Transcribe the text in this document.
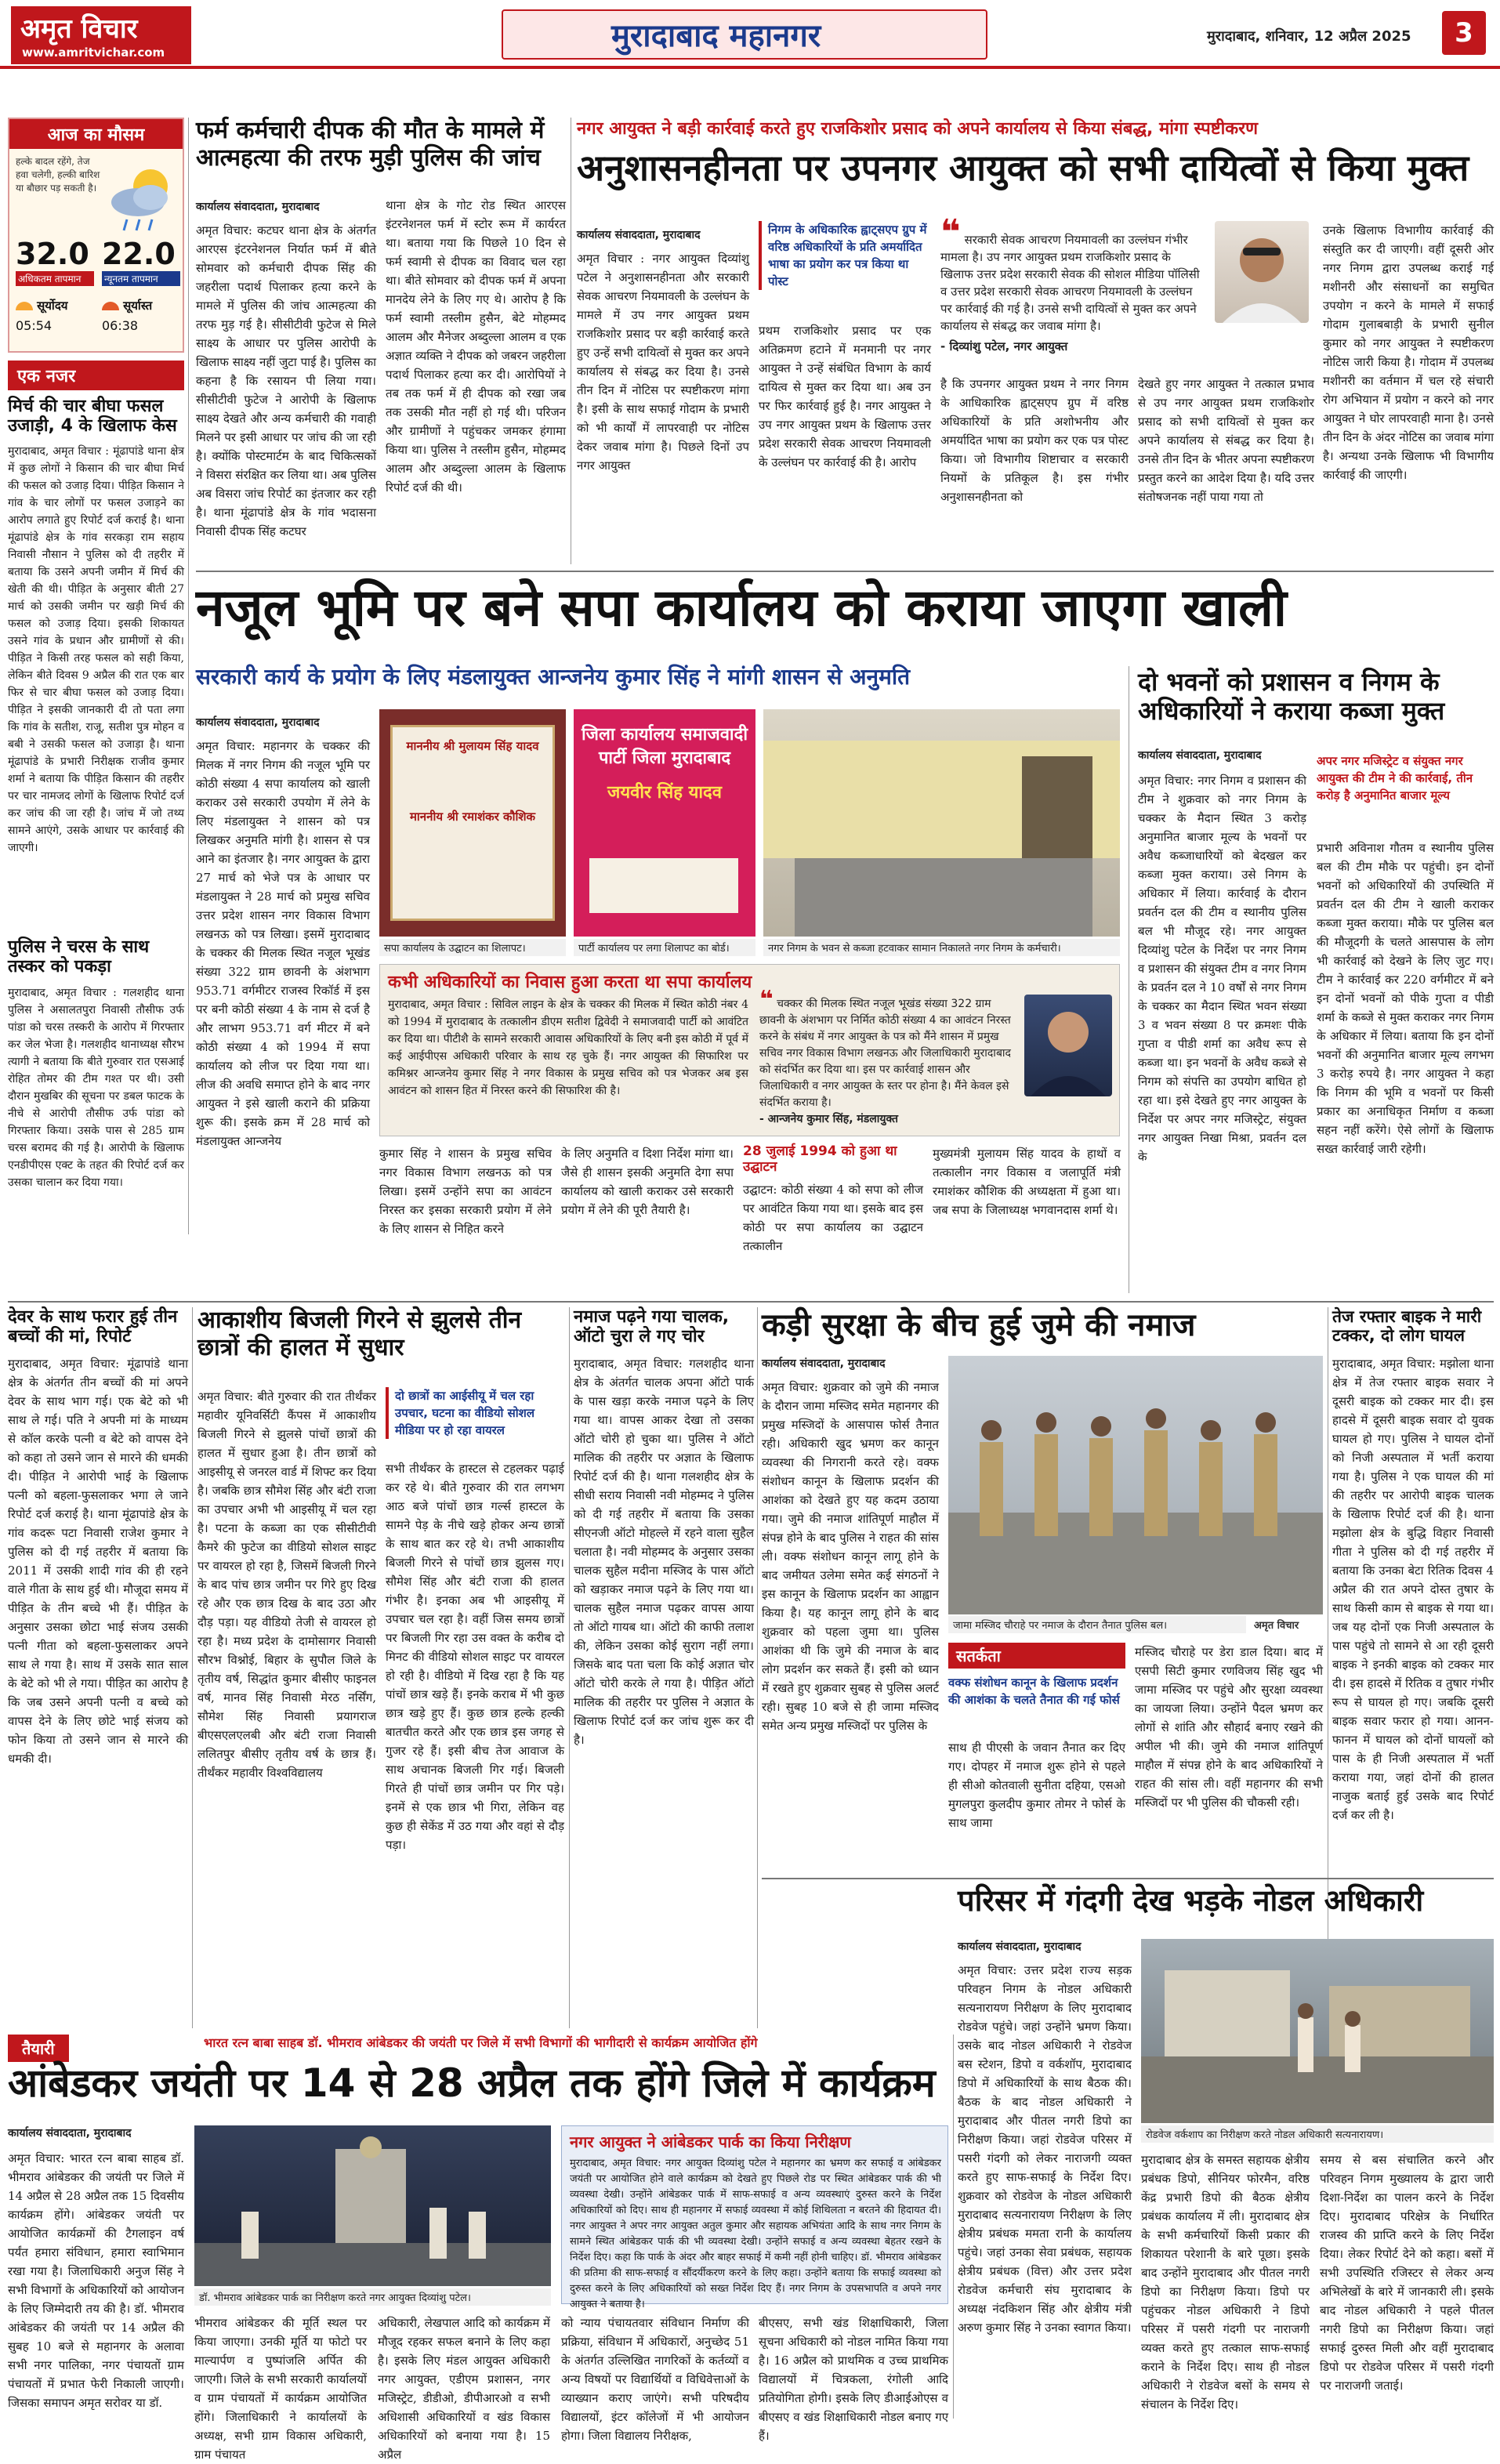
अमृत विचार
www.amritvichar.com	मुरादाबाद महानगर	मुरादाबाद, शनिवार, 12 अप्रैल 2025	3
आज का मौसम
हल्के बादल रहेंगे, तेज हवा चलेगी, हल्की बारिश या बौछार पड़ सकती है।
32.0
अधिकतम तापमान
22.0
न्यूनतम तापमान
सूर्योदय
05:54
सूर्यास्त
06:38
एक नजर
मिर्च की चार बीघा फसल उजाड़ी, 4 के खिलाफ केस
मुरादाबाद, अमृत विचार : मूंढापांडे थाना क्षेत्र में कुछ लोगों ने किसान की चार बीघा मिर्च की फसल को उजाड़ दिया। पीड़ित किसान ने गांव के चार लोगों पर फसल उजाड़ने का आरोप लगाते हुए रिपोर्ट दर्ज कराई है। थाना मूंढापांडे क्षेत्र के गांव सरकड़ा राम सहाय निवासी नौसान ने पुलिस को दी तहरीर में बताया कि उसने अपनी जमीन में मिर्च की खेती की थी। पीड़ित के अनुसार बीती 27 मार्च को उसकी जमीन पर खड़ी मिर्च की फसल को उजाड़ दिया। इसकी शिकायत उसने गांव के प्रधान और ग्रामीणों से की। पीड़ित ने किसी तरह फसल को सही किया, लेकिन बीते दिवस 9 अप्रैल की रात एक बार फिर से चार बीघा फसल को उजाड़ दिया। पीड़ित ने इसकी जानकारी दी तो पता लगा कि गांव के सतीश, राजू, सतीश पुत्र मोहन व बबी ने उसकी फसल को उजाड़ा है। थाना मूंढापांडे के प्रभारी निरीक्षक राजीव कुमार शर्मा ने बताया कि पीड़ित किसान की तहरीर पर चार नामजद लोगों के खिलाफ रिपोर्ट दर्ज कर जांच की जा रही है। जांच में जो तथ्य सामने आएंगे, उसके आधार पर कार्रवाई की जाएगी।
पुलिस ने चरस के साथ तस्कर को पकड़ा
मुरादाबाद, अमृत विचार : गलशहीद थाना पुलिस ने असालतपुरा निवासी तौसीफ उर्फ पांडा को चरस तस्करी के आरोप में गिरफ्तार कर जेल भेजा है। गलशहीद थानाध्यक्ष सौरभ त्यागी ने बताया कि बीते गुरुवार रात एसआई रोहित तोमर की टीम गश्त पर थी। उसी दौरान मुखबिर की सूचना पर डबल फाटक के नीचे से आरोपी तौसीफ उर्फ पांडा को गिरफ्तार किया। उसके पास से 285 ग्राम चरस बरामद की गई है। आरोपी के खिलाफ एनडीपीएस एक्ट के तहत की रिपोर्ट दर्ज कर उसका चालान कर दिया गया।
फर्म कर्मचारी दीपक की मौत के मामले में आत्महत्या की तरफ मुड़ी पुलिस की जांच
कार्यालय संवाददाता, मुरादाबाद
अमृत विचार: कटघर थाना क्षेत्र के अंतर्गत आरएस इंटरनेशनल निर्यात फर्म में बीते सोमवार को कर्मचारी दीपक सिंह की जहरीला पदार्थ पिलाकर हत्या करने के मामले में पुलिस की जांच आत्महत्या की तरफ मुड़ गई है। सीसीटीवी फुटेज से मिले साक्ष्य के आधार पर पुलिस आरोपी के खिलाफ साक्ष्य नहीं जुटा पाई है। पुलिस का कहना है कि रसायन पी लिया गया। सीसीटीवी फुटेज ने आरोपी के खिलाफ साक्ष्य देखते और अन्य कर्मचारी की गवाही मिलने पर इसी आधार पर जांच की जा रही है। क्योंकि पोस्टमार्टम के बाद चिकित्सकों ने विसरा संरक्षित कर लिया था। अब पुलिस अब विसरा जांच रिपोर्ट का इंतजार कर रही है। थाना मूंढापांडे क्षेत्र के गांव भदासना निवासी दीपक सिंह कटघर
थाना क्षेत्र के गोट रोड स्थित आरएस इंटरनेशनल फर्म में स्टोर रूम में कार्यरत था। बताया गया कि पिछले 10 दिन से फर्म स्वामी से दीपक का विवाद चल रहा था। बीते सोमवार को दीपक फर्म में अपना मानदेय लेने के लिए गए थे। आरोप है कि फर्म स्वामी तस्लीम हुसैन, बेटे मोहम्मद आलम और मैनेजर अब्दुल्ला आलम व एक अज्ञात व्यक्ति ने दीपक को जबरन जहरीला पदार्थ पिलाकर हत्या कर दी। आरोपियों ने तब तक फर्म में ही दीपक को रखा जब तक उसकी मौत नहीं हो गई थी। परिजन और ग्रामीणों ने पहुंचकर जमकर हंगामा किया था। पुलिस ने तस्लीम हुसैन, मोहम्मद आलम और अब्दुल्ला आलम के खिलाफ रिपोर्ट दर्ज की थी।
नगर आयुक्त ने बड़ी कार्रवाई करते हुए राजकिशोर प्रसाद को अपने कार्यालय से किया संबद्ध, मांगा स्पष्टीकरण
अनुशासनहीनता पर उपनगर आयुक्त को सभी दायित्वों से किया मुक्त
कार्यालय संवाददाता, मुरादाबाद
अमृत विचार : नगर आयुक्त दिव्यांशु पटेल ने अनुशासनहीनता और सरकारी सेवक आचरण नियमावली के उल्लंघन के मामले में उप नगर आयुक्त प्रथम राजकिशोर प्रसाद पर बड़ी कार्रवाई करते हुए उन्हें सभी दायित्वों से मुक्त कर अपने कार्यालय से संबद्ध कर दिया है। उनसे तीन दिन में नोटिस पर स्पष्टीकरण मांगा है। इसी के साथ सफाई गोदाम के प्रभारी को भी कार्यों में लापरवाही पर नोटिस देकर जवाब मांगा है। पिछले दिनों उप नगर आयुक्त
निगम के अधिकारिक ह्वाट्सएप ग्रुप में वरिष्ठ अधिकारियों के प्रति अमर्यादित भाषा का प्रयोग कर पत्र किया था पोस्ट
प्रथम राजकिशोर प्रसाद पर एक अतिक्रमण हटाने में मनमानी पर नगर आयुक्त ने उन्हें संबंधित विभाग के कार्य दायित्व से मुक्त कर दिया था। अब उन पर फिर कार्रवाई हुई है। नगर आयुक्त ने उप नगर आयुक्त प्रथम के खिलाफ उत्तर प्रदेश सरकारी सेवक आचरण नियमावली के उल्लंघन पर कार्रवाई की है। आरोप
है कि उपनगर आयुक्त प्रथम ने नगर निगम के आधिकारिक ह्वाट्सएप ग्रुप में वरिष्ठ अधिकारियों के प्रति अशोभनीय और अमर्यादित भाषा का प्रयोग कर एक पत्र पोस्ट किया। जो विभागीय शिष्टाचार व सरकारी नियमों के प्रतिकूल है। इस गंभीर अनुशासनहीनता को
❝ सरकारी सेवक आचरण नियमावली का उल्लंघन गंभीर मामला है। उप नगर आयुक्त प्रथम राजकिशोर प्रसाद के खिलाफ उत्तर प्रदेश सरकारी सेवक की सोशल मीडिया पॉलिसी व उत्तर प्रदेश सरकारी सेवक आचरण नियमावली के उल्लंघन पर कार्रवाई की गई है। उनसे सभी दायित्वों से मुक्त कर अपने कार्यालय से संबद्ध कर जवाब मांगा है।
- दिव्यांशु पटेल, नगर आयुक्त
देखते हुए नगर आयुक्त ने तत्काल प्रभाव से उप नगर आयुक्त प्रथम राजकिशोर प्रसाद को सभी दायित्वों से मुक्त कर अपने कार्यालय से संबद्ध कर दिया है। उनसे तीन दिन के भीतर अपना स्पष्टीकरण प्रस्तुत करने का आदेश दिया है। यदि उत्तर संतोषजनक नहीं पाया गया तो
उनके खिलाफ विभागीय कार्रवाई की संस्तुति कर दी जाएगी। वहीं दूसरी ओर नगर निगम द्वारा उपलब्ध कराई गई मशीनरी और संसाधनों का समुचित उपयोग न करने के मामले में सफाई गोदाम गुलाबबाड़ी के प्रभारी सुनील कुमार को नगर आयुक्त ने स्पष्टीकरण नोटिस जारी किया है। गोदाम में उपलब्ध मशीनरी का वर्तमान में चल रहे संचारी रोग अभियान में प्रयोग न करने को नगर आयुक्त ने घोर लापरवाही माना है। उनसे तीन दिन के अंदर नोटिस का जवाब मांगा है। अन्यथा उनके खिलाफ भी विभागीय कार्रवाई की जाएगी।
नजूल भूमि पर बने सपा कार्यालय को कराया जाएगा खाली
सरकारी कार्य के प्रयोग के लिए मंडलायुक्त आन्जनेय कुमार सिंह ने मांगी शासन से अनुमति
कार्यालय संवाददाता, मुरादाबाद
अमृत विचार: महानगर के चक्कर की मिलक में नगर निगम की नजूल भूमि पर कोठी संख्या 4 सपा कार्यालय को खाली कराकर उसे सरकारी उपयोग में लेने के लिए मंडलायुक्त ने शासन को पत्र लिखकर अनुमति मांगी है। शासन से पत्र आने का इंतजार है। नगर आयुक्त के द्वारा 27 मार्च को भेजे पत्र के आधार पर मंडलायुक्त ने 28 मार्च को प्रमुख सचिव उत्तर प्रदेश शासन नगर विकास विभाग लखनऊ को पत्र लिखा। इसमें मुरादाबाद के चक्कर की मिलक स्थित नजूल भूखंड संख्या 322 ग्राम छावनी के अंशभाग 953.71 वर्गमीटर राजस्व रिकॉर्ड में इस पर बनी कोठी संख्या 4 के नाम से दर्ज है और लाभग 953.71 वर्ग मीटर में बने कोठी संख्या 4 को 1994 में सपा कार्यालय को लीज पर दिया गया था। लीज की अवधि समाप्त होने के बाद नगर आयुक्त ने इसे खाली कराने की प्रक्रिया शुरू की। इसके क्रम में 28 मार्च को मंडलायुक्त आन्जनेय
माननीय श्री मुलायम सिंह यादव
माननीय श्री रमाशंकर कौशिक
जिला कार्यालय समाजवादी पार्टी जिला मुरादाबाद
जयवीर सिंह यादव
सपा कार्यालय के उद्घाटन का शिलापट।	पार्टी कार्यालय पर लगा शिलापट का बोर्ड।	नगर निगम के भवन से कब्जा हटवाकर सामान निकालते नगर निगम के कर्मचारी।
कभी अधिकारियों का निवास हुआ करता था सपा कार्यालय
मुरादाबाद, अमृत विचार : सिविल लाइन के क्षेत्र के चक्कर की मिलक में स्थित कोठी नंबर 4 को 1994 में मुरादाबाद के तत्कालीन डीएम सतीश द्विवेदी ने समाजवादी पार्टी को आवंटित कर दिया था। पीटीशै के सामने सरकारी आवास अधिकारियों के लिए बनी इस कोठी में पूर्व में कई आईपीएस अधिकारी परिवार के साथ रह चुके हैं। नगर आयुक्त की सिफारिश पर कमिश्नर आन्जनेय कुमार सिंह ने नगर विकास के प्रमुख सचिव को पत्र भेजकर अब इस आवंटन को शासन हित में निरस्त करने की सिफारिश की है।
❝ चक्कर की मिलक स्थित नजूल भूखंड संख्या 322 ग्राम छावनी के अंशभाग पर निर्मित कोठी संख्या 4 का आवंटन निरस्त करने के संबंध में नगर आयुक्त के पत्र को मैंने शासन में प्रमुख सचिव नगर विकास विभाग लखनऊ और जिलाधिकारी मुरादाबाद को संदर्भित कर दिया था। इस पर कार्रवाई शासन और जिलाधिकारी व नगर आयुक्त के स्तर पर होना है। मैंने केवल इसे संदर्भित कराया है।
- आन्जनेय कुमार सिंह, मंडलायुक्त
कुमार सिंह ने शासन के प्रमुख सचिव नगर विकास विभाग लखनऊ को पत्र लिखा। इसमें उन्होंने सपा का आवंटन निरस्त कर इसका सरकारी प्रयोग में लेने के लिए शासन से निहित करने
के लिए अनुमति व दिशा निर्देश मांगा था। जैसे ही शासन इसकी अनुमति देगा सपा कार्यालय को खाली कराकर उसे सरकारी प्रयोग में लेने की पूरी तैयारी है।
28 जुलाई 1994 को हुआ था उद्घाटन
उद्घाटन: कोठी संख्या 4 को सपा को लीज पर आवंटित किया गया था। इसके बाद इस कोठी पर सपा कार्यालय का उद्घाटन तत्कालीन
मुख्यमंत्री मुलायम सिंह यादव के हाथों व तत्कालीन नगर विकास व जलापूर्ति मंत्री रमाशंकर कौशिक की अध्यक्षता में हुआ था। जब सपा के जिलाध्यक्ष भगवानदास शर्मा थे।
दो भवनों को प्रशासन व निगम के अधिकारियों ने कराया कब्जा मुक्त
कार्यालय संवाददाता, मुरादाबाद
अमृत विचार: नगर निगम व प्रशासन की टीम ने शुक्रवार को नगर निगम के चक्कर के मैदान स्थित 3 करोड़ अनुमानित बाजार मूल्य के भवनों पर अवैध कब्जाधारियों को बेदखल कर कब्जा मुक्त कराया। उसे निगम के अधिकार में लिया। कार्रवाई के दौरान प्रवर्तन दल की टीम व स्थानीय पुलिस बल भी मौजूद रहे। नगर आयुक्त दिव्यांशु पटेल के निर्देश पर नगर निगम व प्रशासन की संयुक्त टीम व नगर निगम के प्रवर्तन दल ने 10 वर्षों से नगर निगम के चक्कर का मैदान स्थित भवन संख्या 3 व भवन संख्या 8 पर क्रमशः पीके गुप्ता व पीडी शर्मा का अवैध रूप से कब्जा था। इन भवनों के अवैध कब्जे से निगम को संपत्ति का उपयोग बाधित हो रहा था। इसे देखते हुए नगर आयुक्त के निर्देश पर अपर नगर मजिस्ट्रेट, संयुक्त नगर आयुक्त निखा मिश्रा, प्रवर्तन दल के
अपर नगर मजिस्ट्रेट व संयुक्त नगर आयुक्त की टीम ने की कार्रवाई, तीन करोड़ है अनुमानित बाजार मूल्य
प्रभारी अविनाश गौतम व स्थानीय पुलिस बल की टीम मौके पर पहुंची। इन दोनों भवनों को अधिकारियों की उपस्थिति में प्रवर्तन दल की टीम ने खाली कराकर कब्जा मुक्त कराया। मौके पर पुलिस बल की मौजूदगी के चलते आसपास के लोग भी कार्रवाई को देखने के लिए जुट गए। टीम ने कार्रवाई कर 220 वर्गमीटर में बने इन दोनों भवनों को पीके गुप्ता व पीडी शर्मा के कब्जे से मुक्त कराकर नगर निगम के अधिकार में लिया। बताया कि इन दोनों भवनों की अनुमानित बाजार मूल्य लगभग 3 करोड़ रुपये है। नगर आयुक्त ने कहा कि निगम की भूमि व भवनों पर किसी प्रकार का अनाधिकृत निर्माण व कब्जा सहन नहीं करेंगे। ऐसे लोगों के खिलाफ सख्त कार्रवाई जारी रहेगी।
देवर के साथ फरार हुई तीन बच्चों की मां, रिपोर्ट
मुरादाबाद, अमृत विचार: मूंढापांडे थाना क्षेत्र के अंतर्गत तीन बच्चों की मां अपने देवर के साथ भाग गई। एक बेटे को भी साथ ले गई। पति ने अपनी मां के माध्यम से कॉल करके पत्नी व बेटे को वापस देने को कहा तो उसने जान से मारने की धमकी दी। पीड़ित ने आरोपी भाई के खिलाफ पत्नी को बहला-फुसलाकर भगा ले जाने रिपोर्ट दर्ज कराई है। थाना मूंढापांडे क्षेत्र के गांव कदरू पटा निवासी राजेश कुमार ने पुलिस को दी गई तहरीर में बताया कि 2011 में उसकी शादी गांव की ही रहने वाले गीता के साथ हुई थी। मौजूदा समय में पीड़ित के तीन बच्चे भी हैं। पीड़ित के अनुसार उसका छोटा भाई संजय उसकी पत्नी गीता को बहला-फुसलाकर अपने साथ ले गया है। साथ में उसके सात साल के बेटे को भी ले गया। पीड़ित का आरोप है कि जब उसने अपनी पत्नी व बच्चे को वापस देने के लिए छोटे भाई संजय को फोन किया तो उसने जान से मारने की धमकी दी।
आकाशीय बिजली गिरने से झुलसे तीन छात्रों की हालत में सुधार
अमृत विचार: बीते गुरुवार की रात तीर्थंकर महावीर यूनिवर्सिटी कैंपस में आकाशीय बिजली गिरने से झुलसे पांचों छात्रों की हालत में सुधार हुआ है। तीन छात्रों को आइसीयू से जनरल वार्ड में शिफ्ट कर दिया है। जबकि छात्र सौमेश सिंह और बंटी राजा का उपचार अभी भी आइसीयू में चल रहा है। पटना के कब्जा का एक सीसीटीवी कैमरे की फुटेज का वीडियो सोशल साइट पर वायरल हो रहा है, जिसमें बिजली गिरने के बाद पांच छात्र जमीन पर गिरे हुए दिख रहे और एक छात्र दिख के बाद उठा और दौड़ पड़ा। यह वीडियो तेजी से वायरल हो रहा है। मध्य प्रदेश के दामोसागर निवासी सौरभ विश्नोई, बिहार के सुपौल जिले के तृतीय वर्ष, सिद्धांत कुमार बीसीए फाइनल वर्ष, मानव सिंह निवासी मेरठ नर्सिंग, सौमेश सिंह निवासी प्रयागराज बीएसएलएलबी और बंटी राजा निवासी ललितपुर बीसीए तृतीय वर्ष के छात्र हैं। तीर्थंकर महावीर विश्वविद्यालय
दो छात्रों का आईसीयू में चल रहा उपचार, घटना का वीडियो सोशल मीडिया पर हो रहा वायरल
सभी तीर्थंकर के हास्टल से टहलकर पढ़ाई कर रहे थे। बीते गुरुवार की रात लगभग आठ बजे पांचों छात्र गर्ल्स हास्टल के सामने पेड़ के नीचे खड़े होकर अन्य छात्रों के साथ बात कर रहे थे। तभी आकाशीय बिजली गिरने से पांचों छात्र झुलस गए। सौमेश सिंह और बंटी राजा की हालत गंभीर है। इनका अब भी आइसीयू में उपचार चल रहा है। वहीं जिस समय छात्रों पर बिजली गिर रहा उस वक्त के करीब दो मिनट की वीडियो सोशल साइट पर वायरल हो रही है। वीडियो में दिख रहा है कि यह पांचों छात्र खड़े हैं। इनके कराब में भी कुछ छात्र खड़े हुए हैं। कुछ छात्र हल्के हल्की बातचीत करते और एक छात्र इस जगह से गुजर रहे हैं। इसी बीच तेज आवाज के साथ अचानक बिजली गिर गई। बिजली गिरते ही पांचों छात्र जमीन पर गिर पड़े। इनमें से एक छात्र भी गिरा, लेकिन वह कुछ ही सेकेंड में उठ गया और वहां से दौड़ पड़ा।
नमाज पढ़ने गया चालक, ऑटो चुरा ले गए चोर
मुरादाबाद, अमृत विचार: गलशहीद थाना क्षेत्र के अंतर्गत चालक अपना ऑटो पार्क के पास खड़ा करके नमाज पढ़ने के लिए गया था। वापस आकर देखा तो उसका ऑटो चोरी हो चुका था। पुलिस ने ऑटो मालिक की तहरीर पर अज्ञात के खिलाफ रिपोर्ट दर्ज की है। थाना गलशहीद क्षेत्र के सीधी सराय निवासी नवी मोहम्मद ने पुलिस को दी गई तहरीर में बताया कि उसका सीएनजी ऑटो मोहल्ले में रहने वाला सुहैल चलाता है। नवी मोहम्मद के अनुसार उसका चालक सुहैल मदीना मस्जिद के पास ऑटो को खड़ाकर नमाज पढ़ने के लिए गया था। चालक सुहैल नमाज पढ़कर वापस आया तो ऑटो गायब था। ऑटो की काफी तलाश की, लेकिन उसका कोई सुराग नहीं लगा। जिसके बाद पता चला कि कोई अज्ञात चोर ऑटो चोरी करके ले गया है। पीड़ित ऑटो मालिक की तहरीर पर पुलिस ने अज्ञात के खिलाफ रिपोर्ट दर्ज कर जांच शुरू कर दी है।
कड़ी सुरक्षा के बीच हुई जुमे की नमाज
कार्यालय संवाददाता, मुरादाबाद
अमृत विचार: शुक्रवार को जुमे की नमाज के दौरान जामा मस्जिद समेत महानगर की प्रमुख मस्जिदों के आसपास फोर्स तैनात रही। अधिकारी खुद भ्रमण कर कानून व्यवस्था की निगरानी करते रहे। वक्फ संशोधन कानून के खिलाफ प्रदर्शन की आशंका को देखते हुए यह कदम उठाया गया। जुमे की नमाज शांतिपूर्ण माहौल में संपन्न होने के बाद पुलिस ने राहत की सांस ली। वक्फ संशोधन कानून लागू होने के बाद जमीयत उलेमा समेत कई संगठनों ने इस कानून के खिलाफ प्रदर्शन का आह्वान किया है। यह कानून लागू होने के बाद शुक्रवार को पहला जुमा था। पुलिस आशंका थी कि जुमे की नमाज के बाद लोग प्रदर्शन कर सकते हैं। इसी को ध्यान में रखते हुए शुक्रवार सुबह से पुलिस अलर्ट रही। सुबह 10 बजे से ही जामा मस्जिद समेत अन्य प्रमुख मस्जिदों पर पुलिस के
जामा मस्जिद चौराहे पर नमाज के दौरान तैनात पुलिस बल।	अमृत विचार
सतर्कता
वक्फ संशोधन कानून के खिलाफ प्रदर्शन की आशंका के चलते तैनात की गई फोर्स
साथ ही पीएसी के जवान तैनात कर दिए गए। दोपहर में नमाज शुरू होने से पहले ही सीओ कोतवाली सुनीता दहिया, एसओ मुगलपुरा कुलदीप कुमार तोमर ने फोर्स के साथ जामा
मस्जिद चौराहे पर डेरा डाल दिया। बाद में एसपी सिटी कुमार रणविजय सिंह खुद भी जामा मस्जिद पर पहुंचे और सुरक्षा व्यवस्था का जायजा लिया। उन्होंने पैदल भ्रमण कर लोगों से शांति और सौहार्द बनाए रखने की अपील भी की। जुमे की नमाज शांतिपूर्ण माहौल में संपन्न होने के बाद अधिकारियों ने राहत की सांस ली। वहीं महानगर की सभी मस्जिदों पर भी पुलिस की चौकसी रही।
तेज रफ्तार बाइक ने मारी टक्कर, दो लोग घायल
मुरादाबाद, अमृत विचार: मझोला थाना क्षेत्र में तेज रफ्तार बाइक सवार ने दूसरी बाइक को टक्कर मार दी। इस हादसे में दूसरी बाइक सवार दो युवक घायल हो गए। पुलिस ने घायल दोनों को निजी अस्पताल में भर्ती कराया गया है। पुलिस ने एक घायल की मां की तहरीर पर आरोपी बाइक चालक के खिलाफ रिपोर्ट दर्ज की है। थाना मझोला क्षेत्र के बुद्धि विहार निवासी गीता ने पुलिस को दी गई तहरीर में बताया कि उनका बेटा रितिक दिवस 4 अप्रैल की रात अपने दोस्त तुषार के साथ किसी काम से बाइक से गया था। जब यह दोनों एक निजी अस्पताल के पास पहुंचे तो सामने से आ रही दूसरी बाइक ने इनकी बाइक को टक्कर मार दी। इस हादसे में रितिक व तुषार गंभीर रूप से घायल हो गए। जबकि दूसरी बाइक सवार फरार हो गया। आनन-फानन में घायल को दोनों घायलों को पास के ही निजी अस्पताल में भर्ती कराया गया, जहां दोनों की हालत नाजुक बताई हुई उसके बाद रिपोर्ट दर्ज कर ली है।
तैयारी	भारत रत्न बाबा साहब डॉ. भीमराव आंबेडकर की जयंती पर जिले में सभी विभागों की भागीदारी से कार्यक्रम आयोजित होंगे
आंबेडकर जयंती पर 14 से 28 अप्रैल तक होंगे जिले में कार्यक्रम
कार्यालय संवाददाता, मुरादाबाद
अमृत विचार: भारत रत्न बाबा साहब डॉ. भीमराव आंबेडकर की जयंती पर जिले में 14 अप्रैल से 28 अप्रैल तक 15 दिवसीय कार्यक्रम होंगे। आंबेडकर जयंती पर आयोजित कार्यक्रमों की टैगलाइन वर्ष पर्यंत हमारा संविधान, हमारा स्वाभिमान रखा गया है। जिलाधिकारी अनुज सिंह ने सभी विभागों के अधिकारियों को आयोजन के लिए जिम्मेदारी तय की है। डॉ. भीमराव आंबेडकर की जयंती पर 14 अप्रैल की सुबह 10 बजे से महानगर के अलावा सभी नगर पालिका, नगर पंचायतों ग्राम पंचायतों में प्रभात फेरी निकाली जाएगी। जिसका समापन अमृत सरोवर या डॉ.
डॉ. भीमराव आंबेडकर पार्क का निरीक्षण करते नगर आयुक्त दिव्यांशु पटेल।
भीमराव आंबेडकर की मूर्ति स्थल पर किया जाएगा। उनकी मूर्ति या फोटो पर माल्यार्पण व पुष्पांजलि अर्पित की जाएगी। जिले के सभी सरकारी कार्यालयों व ग्राम पंचायतों में कार्यक्रम आयोजित होंगे। जिलाधिकारी ने कार्यालयों के अध्यक्ष, सभी ग्राम विकास अधिकारी, ग्राम पंचायत
अधिकारी, लेखपाल आदि को कार्यक्रम में मौजूद रहकर सफल बनाने के लिए कहा है। इसके लिए मंडल आयुक्त अधिकारी नगर आयुक्त, एडीएम प्रशासन, नगर मजिस्ट्रेट, डीडीओ, डीपीआरओ व सभी अधिशासी अधिकारियों व खंड विकास अधिकारियों को बनाया गया है। 15 अप्रैल
नगर आयुक्त ने आंबेडकर पार्क का किया निरीक्षण
मुरादाबाद, अमृत विचार: नगर आयुक्त दिव्यांशु पटेल ने महानगर का भ्रमण कर सफाई व आंबेडकर जयंती पर आयोजित होने वाले कार्यक्रम को देखते हुए पिछले रोड पर स्थित आंबेडकर पार्क की भी व्यवस्था देखी। उन्होंने आंबेडकर पार्क में साफ-सफाई व अन्य व्यवस्थाएं दुरुस्त करने के निर्देश अधिकारियों को दिए। साथ ही महानगर में सफाई व्यवस्था में कोई शिथिलता न बरतने की हिदायत दी। नगर आयुक्त ने अपर नगर आयुक्त अतुल कुमार और सहायक अभियंता आदि के साथ नगर निगम के सामने स्थित आंबेडकर पार्क की भी व्यवस्था देखी। उन्होंने सफाई व अन्य व्यवस्था बेहतर रखने के निर्देश दिए। कहा कि पार्क के अंदर और बाहर सफाई में कमी नहीं होनी चाहिए। डॉ. भीमराव आंबेडकर की प्रतिमा की साफ-सफाई व सौंदर्यीकरण करने के लिए कहा। उन्होंने बताया कि सफाई व्यवस्था को दुरुस्त करने के लिए अधिकारियों को सख्त निर्देश दिए हैं। नगर निगम के उपसभापति व अपने नगर आयुक्त ने बताया है।
को न्याय पंचायतवार संविधान निर्माण की प्रक्रिया, संविधान में अधिकारों, अनुच्छेद 51 के अंतर्गत उल्लिखित नागरिकों के कर्तव्यों व अन्य विषयों पर विद्यार्थियों व विधिवेत्ताओं के व्याख्यान कराए जाएंगे। सभी परिषदीय विद्यालयों, इंटर कॉलेजों में भी आयोजन होगा। जिला विद्यालय निरीक्षक,
बीएसए, सभी खंड शिक्षाधिकारी, जिला सूचना अधिकारी को नोडल नामित किया गया है। 16 अप्रैल को प्राथमिक व उच्च प्राथमिक विद्यालयों में चित्रकला, रंगोली आदि प्रतियोगिता होगी। इसके लिए डीआईओएस व बीएसए व खंड शिक्षाधिकारी नोडल बनाए गए हैं।
परिसर में गंदगी देख भड़के नोडल अधिकारी
कार्यालय संवाददाता, मुरादाबाद
अमृत विचार: उत्तर प्रदेश राज्य सड़क परिवहन निगम के नोडल अधिकारी सत्यनारायण निरीक्षण के लिए मुरादाबाद रोडवेज पहुंचे। जहां उन्होंने भ्रमण किया। उसके बाद नोडल अधिकारी ने रोडवेज बस स्टेशन, डिपो व वर्कशॉप, मुरादाबाद डिपो में अधिकारियों के साथ बैठक की। बैठक के बाद नोडल अधिकारी ने मुरादाबाद और पीतल नगरी डिपो का निरीक्षण किया। जहां रोडवेज परिसर में पसरी गंदगी को लेकर नाराजगी व्यक्त करते हुए साफ-सफाई के निर्देश दिए। शुक्रवार को रोडवेज के नोडल अधिकारी मुरादाबाद सत्यनारायण निरीक्षण के लिए क्षेत्रीय प्रबंधक ममता रानी के कार्यालय पहुंचे। जहां उनका सेवा प्रबंधक, सहायक क्षेत्रीय प्रबंधक (वित्त) और उत्तर प्रदेश रोडवेज कर्मचारी संघ मुरादाबाद के अध्यक्ष नंदकिशन सिंह और क्षेत्रीय मंत्री अरुण कुमार सिंह ने उनका स्वागत किया।
रोडवेज वर्कशाप का निरीक्षण करते नोडल अधिकारी सत्यनारायण।
मुरादाबाद क्षेत्र के समस्त सहायक क्षेत्रीय प्रबंधक डिपो, सीनियर फोरमैन, वरिष्ठ केंद्र प्रभारी डिपो की बैठक क्षेत्रीय प्रबंधक कार्यालय में ली। मुरादाबाद क्षेत्र के सभी कर्मचारियों किसी प्रकार की शिकायत परेशानी के बारे पूछा। इसके बाद उन्होंने मुरादाबाद और पीतल नगरी डिपो का निरीक्षण किया। डिपो पर पहुंचकर नोडल अधिकारी ने डिपो परिसर में पसरी गंदगी पर नाराजगी व्यक्त करते हुए तत्काल साफ-सफाई कराने के निर्देश दिए। साथ ही नोडल अधिकारी ने रोडवेज बसों के समय से संचालन के निर्देश दिए।
समय से बस संचालित करने और परिवहन निगम मुख्यालय के द्वारा जारी दिशा-निर्देश का पालन करने के निर्देश दिए। मुरादाबाद परिक्षेत्र के निर्धारित राजस्व की प्राप्ति करने के लिए निर्देश दिया। लेकर रिपोर्ट देने को कहा। बसों में सभी उपस्थिति रजिस्टर से लेकर अन्य अभिलेखों के बारे में जानकारी ली। इसके बाद नोडल अधिकारी ने पहले पीतल नगरी डिपो का निरीक्षण किया। जहां सफाई दुरुस्त मिली और वहीं मुरादाबाद डिपो पर रोडवेज परिसर में पसरी गंदगी पर नाराजगी जताई।
